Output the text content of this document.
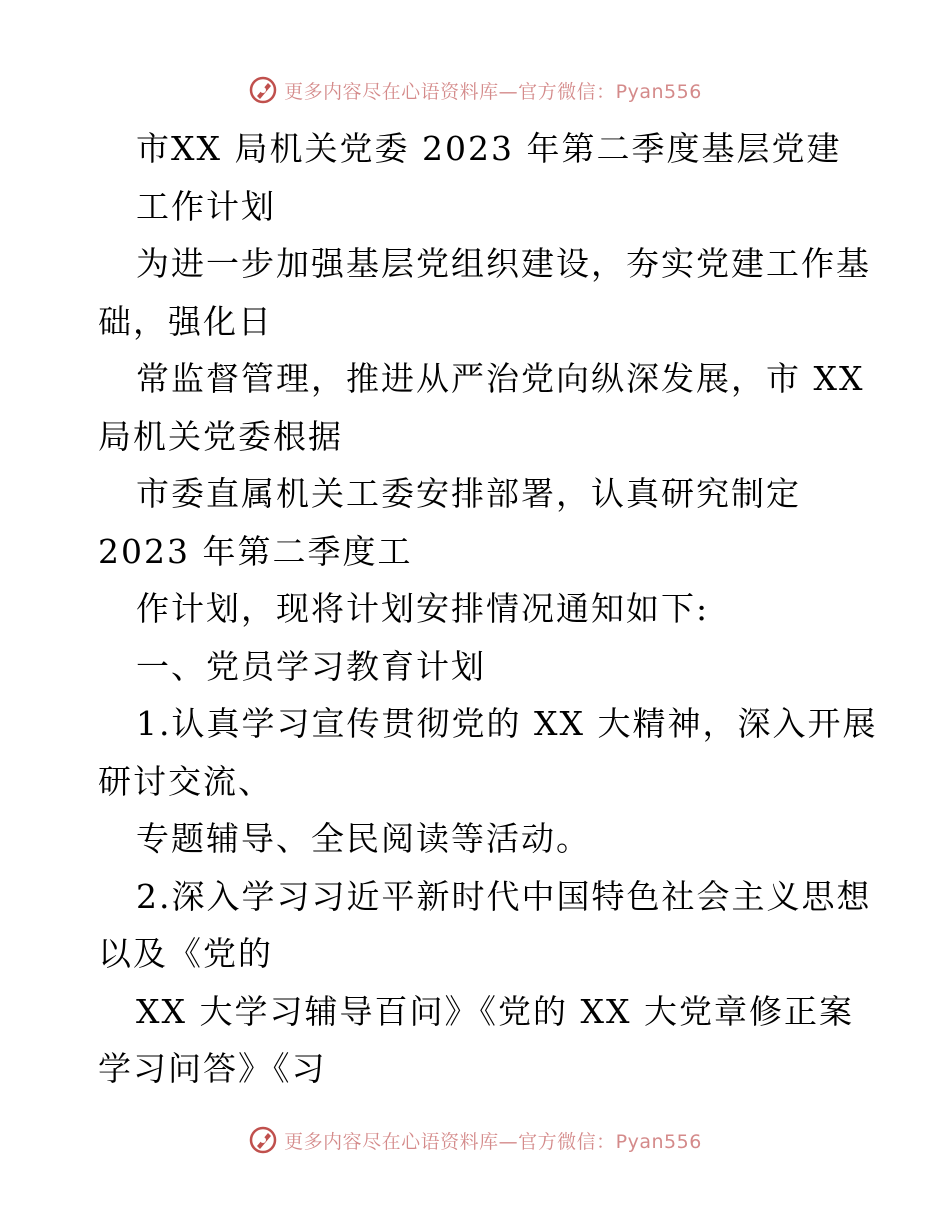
更多内容尽在心语资料库—官方微信：Pyan556
市XX 局机关党委 2023 年第二季度基层党建
工作计划
为进一步加强基层党组织建设，夯实党建工作基
础，强化日
常监督管理，推进从严治党向纵深发展，市 XX
局机关党委根据
市委直属机关工委安排部署，认真研究制定
2023 年第二季度工
作计划，现将计划安排情况通知如下:
一、党员学习教育计划
1.认真学习宣传贯彻党的 XX 大精神，深入开展
研讨交流、
专题辅导、全民阅读等活动。
2.深入学习习近平新时代中国特色社会主义思想
以及《党的
XX 大学习辅导百问》《党的 XX 大党章修正案
学习问答》《习
更多内容尽在心语资料库—官方微信：Pyan556
